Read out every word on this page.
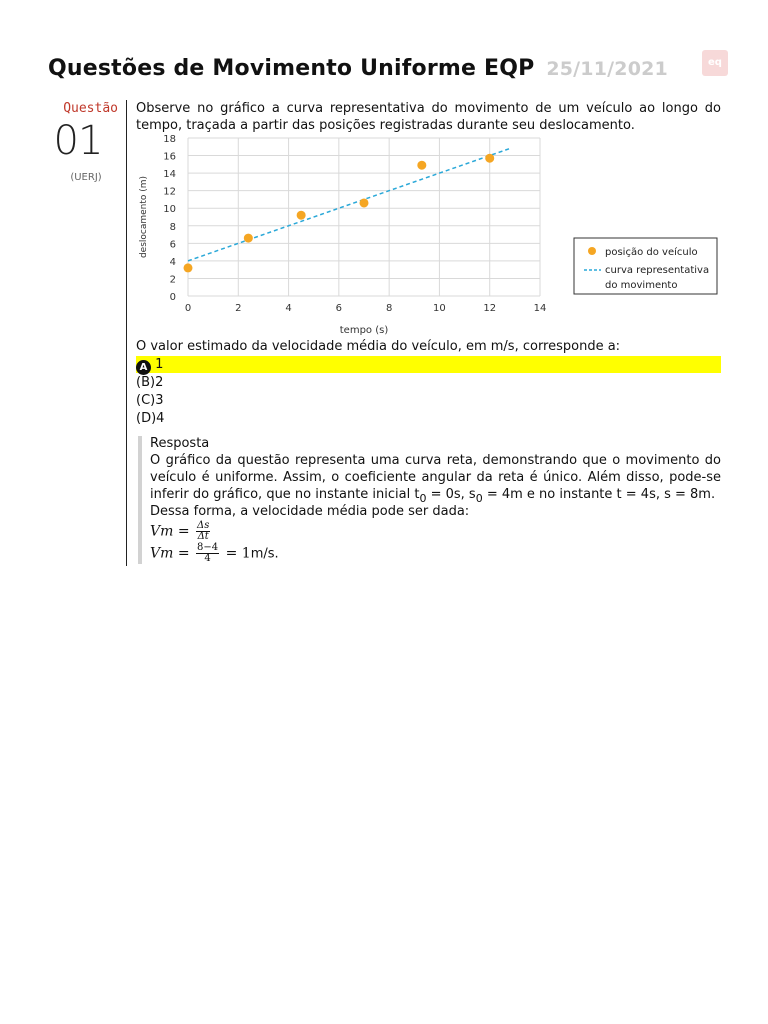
Questões de Movimento Uniforme EQP 25/11/2021	eq
Questão
01
(UERJ)
Observe no gráfico a curva representativa do movimento de um veículo ao longo do tempo, traçada a partir das posições registradas durante seu deslocamento.
0	2	4	6	8	10	12	14
0
2
4
6
8
10
12
14
16
18
tempo (s)
deslocamento (m)	posição do veículo
curva representativa
do movimento
O valor estimado da velocidade média do veículo, em m/s, corresponde a:
A 1
(B)2
(C)3
(D)4
Resposta
O gráfico da questão representa uma curva reta, demonstrando que o movimento do veículo é uniforme. Assim, o coeficiente angular da reta é único. Além disso, pode-se inferir do gráfico, que no instante inicial $t_0 = 0s$, $s_0 = 4m$ e no instante t = 4s, s = 8m.
Dessa forma, a velocidade média pode ser dada:
$Vm = \frac{\Delta s}{\Delta t}$
$Vm = \frac{8-4}{4} = 1m/s$.
